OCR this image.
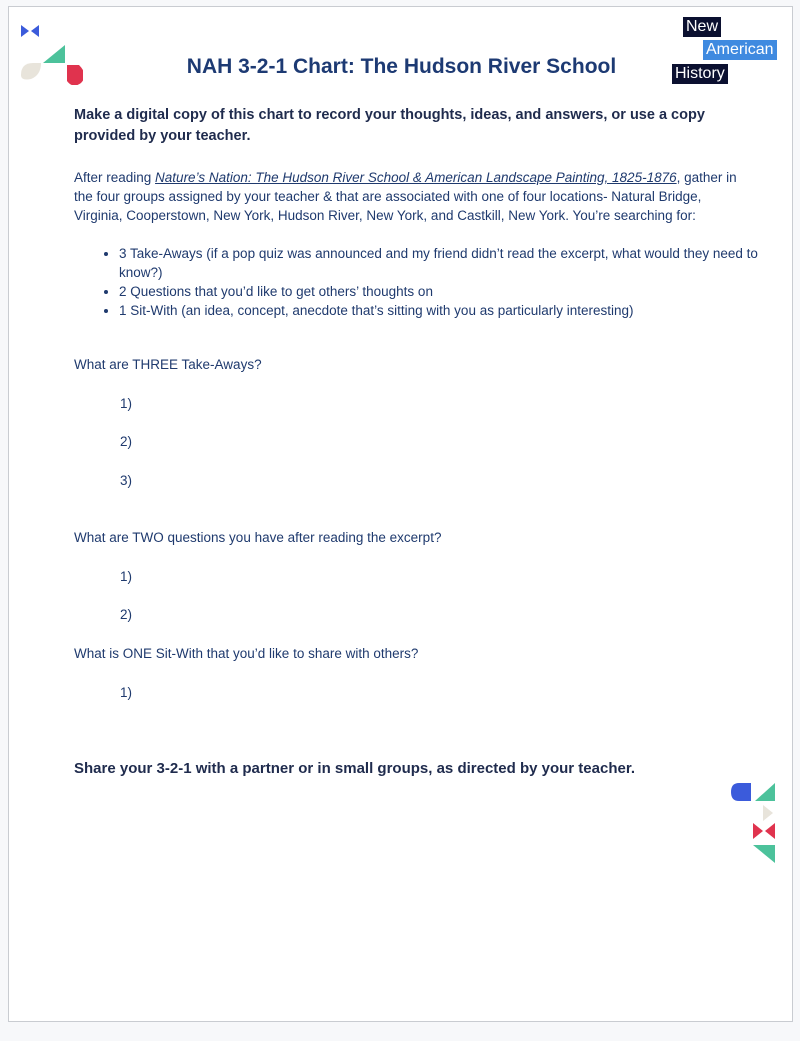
New
American
History
NAH 3-2-1 Chart: The Hudson River School

Make a digital copy of this chart to record your thoughts, ideas, and answers, or use a copy provided by your teacher.

After reading Nature’s Nation: The Hudson River School & American Landscape Painting, 1825-1876, gather in the four groups assigned by your teacher & that are associated with one of four locations- Natural Bridge, Virginia, Cooperstown, New York, Hudson River, New York, and Castkill, New York. You’re searching for:

• 3 Take-Aways (if a pop quiz was announced and my friend didn’t read the excerpt, what would they need to know?)
• 2 Questions that you’d like to get others’ thoughts on
• 1 Sit-With (an idea, concept, anecdote that’s sitting with you as particularly interesting)

What are THREE Take-Aways?

1)

2)

3)

What are TWO questions you have after reading the excerpt?

1)

2)

What is ONE Sit-With that you’d like to share with others?

1)

Share your 3-2-1 with a partner or in small groups, as directed by your teacher.
